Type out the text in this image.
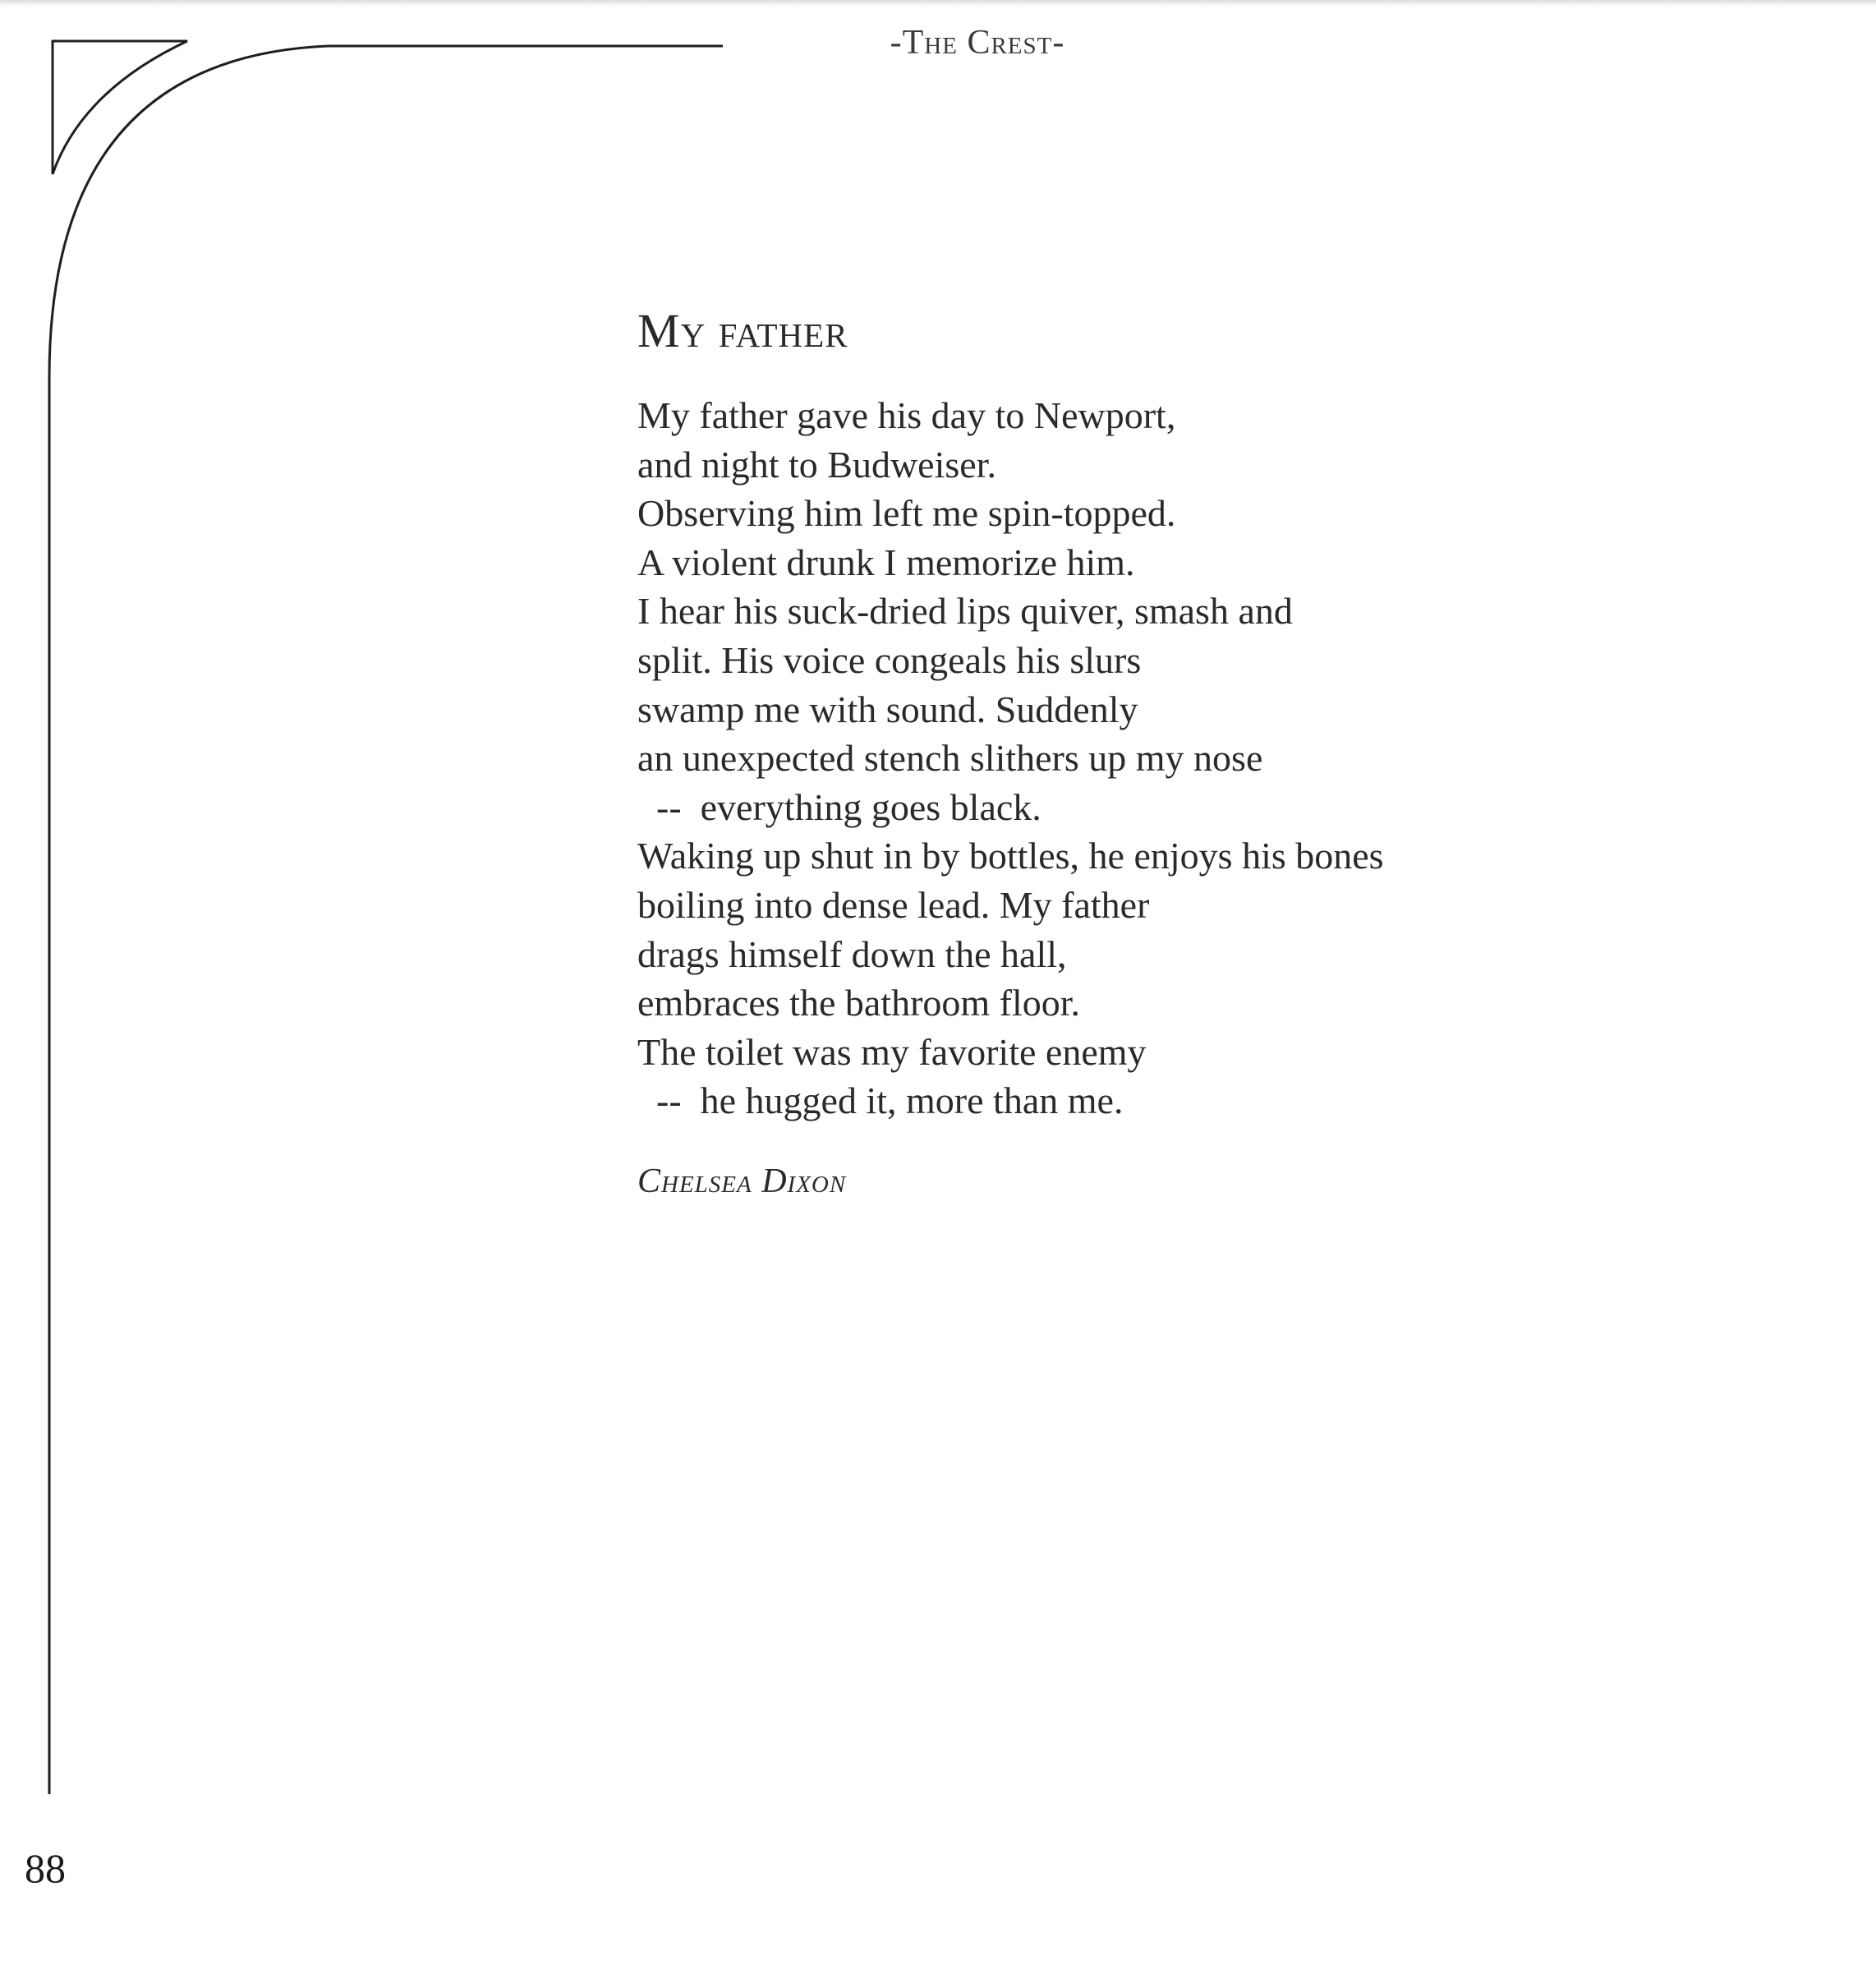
-The Crest-
My father
My father gave his day to Newport,
and night to Budweiser.
Observing him left me spin-topped.
A violent drunk I memorize him.
I hear his suck-dried lips quiver, smash and
split. His voice congeals his slurs
swamp me with sound. Suddenly
an unexpected stench slithers up my nose
--  everything goes black.
Waking up shut in by bottles, he enjoys his bones
boiling into dense lead. My father
drags himself down the hall,
embraces the bathroom floor.
The toilet was my favorite enemy
--  he hugged it, more than me.
Chelsea Dixon
88
